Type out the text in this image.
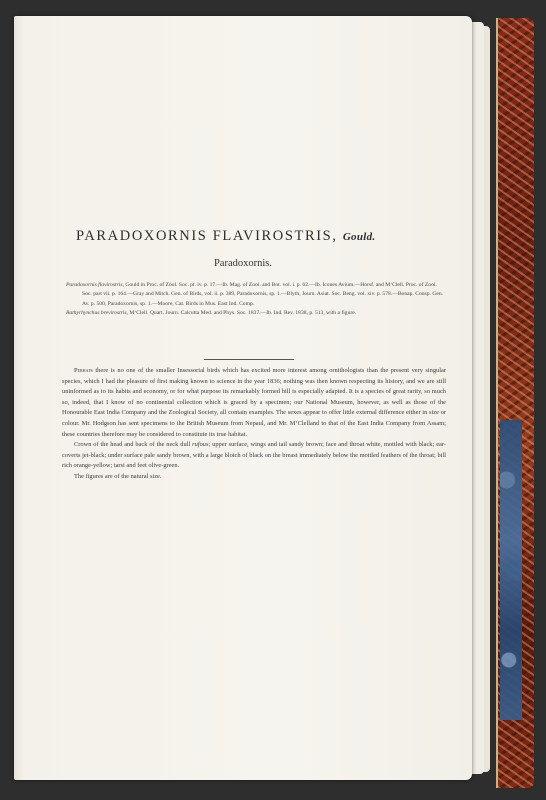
PARADOXORNIS FLAVIROSTRIS, Gould.
Paradoxornis.

Paradoxornis flavirostris, Gould in Proc. of Zool. Soc. pt. iv. p. 17.—Ib. Mag. of Zool. and Bot. vol. i. p. 62.—Ib. Icones Avium.—Horsf. and M‘Clell. Proc. of Zool. Soc. part vii. p. 164.—Gray and Mitch. Gen. of Birds, vol. ii. p. 389, Paradoxornis, sp. 1.—Blyth, Journ. Asiat. Soc. Beng. vol. xiv. p. 578.—Bonap. Consp. Gen. Av. p. 500, Paradoxornis, sp. 1.—Moore, Cat. Birds in Mus. East Ind. Comp.

Bathyrhynchus brevirostris, M‘Clell. Quart. Journ. Calcutta Med. and Phys. Soc. 1837.—Ib. Ind. Rev. 1838, p. 513, with a figure.

Perhaps there is no one of the smaller Insessorial birds which has excited more interest among ornithologists than the present very singular species, which I had the pleasure of first making known to science in the year 1836; nothing was then known respecting its history, and we are still uninformed as to its habits and economy, or for what purpose its remarkably formed bill is especially adapted. It is a species of great rarity, so much so, indeed, that I know of no continental collection which is graced by a specimen; our National Museum, however, as well as those of the Honourable East India Company and the Zoological Society, all contain examples. The sexes appear to offer little external difference either in size or colour. Mr. Hodgson has sent specimens to the British Museum from Nepaul, and Mr. M‘Clelland to that of the East India Company from Assam; these countries therefore may be considered to constitute its true habitat.

Crown of the head and back of the neck dull rufous; upper surface, wings and tail sandy brown; face and throat white, mottled with black; ear-coverts jet-black; under surface pale sandy brown, with a large blotch of black on the breast immediately below the mottled feathers of the throat; bill rich orange-yellow; tarsi and feet olive-green.

The figures are of the natural size.
